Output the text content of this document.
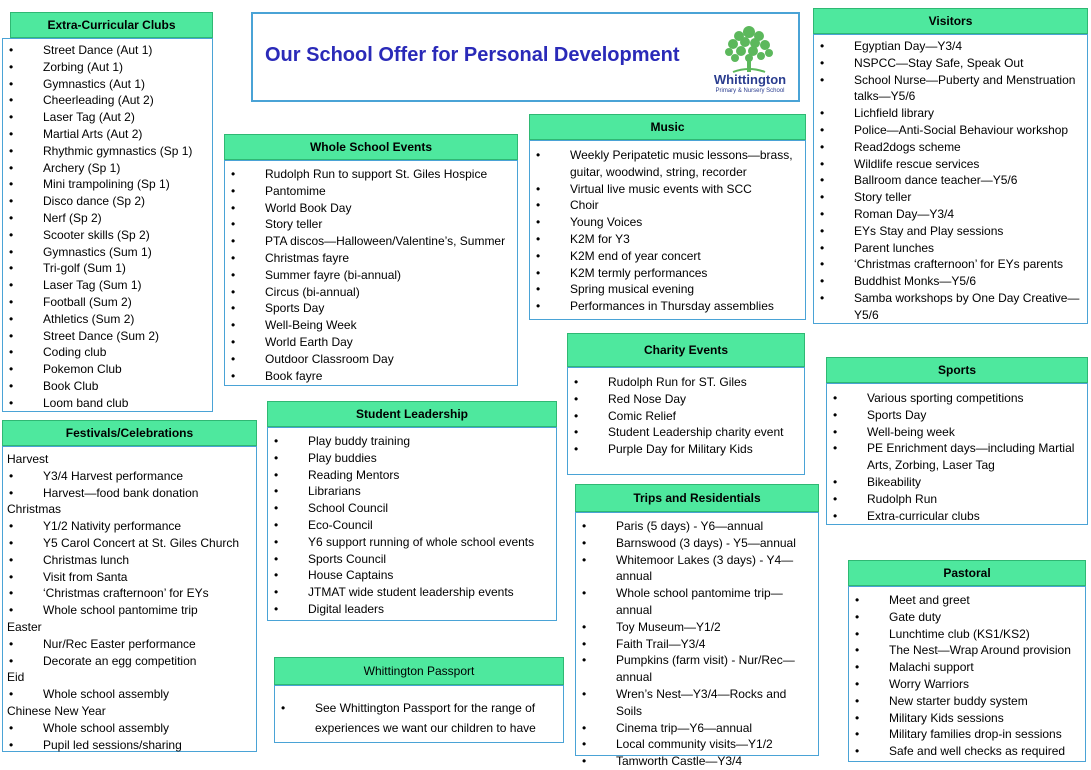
Our School Offer for Personal Development
Whittington
Primary & Nursery School
Extra-Curricular Clubs
• Street Dance (Aut 1)
• Zorbing (Aut 1)
• Gymnastics (Aut 1)
• Cheerleading (Aut 2)
• Laser Tag (Aut 2)
• Martial Arts (Aut 2)
• Rhythmic gymnastics (Sp 1)
• Archery (Sp 1)
• Mini trampolining (Sp 1)
• Disco dance (Sp 2)
• Nerf (Sp 2)
• Scooter skills (Sp 2)
• Gymnastics (Sum 1)
• Tri-golf (Sum 1)
• Laser Tag (Sum 1)
• Football (Sum 2)
• Athletics (Sum 2)
• Street Dance (Sum 2)
• Coding club
• Pokemon Club
• Book Club
• Loom band club
Whole School Events
• Rudolph Run to support St. Giles Hospice
• Pantomime
• World Book Day
• Story teller
• PTA discos—Halloween/Valentine’s, Summer
• Christmas fayre
• Summer fayre (bi-annual)
• Circus (bi-annual)
• Sports Day
• Well-Being Week
• World Earth Day
• Outdoor Classroom Day
• Book fayre
Music
• Weekly Peripatetic music lessons—brass, guitar, woodwind, string, recorder
• Virtual live music events with SCC
• Choir
• Young Voices
• K2M for Y3
• K2M end of year concert
• K2M termly performances
• Spring musical evening
• Performances in Thursday assemblies
Visitors
• Egyptian Day—Y3/4
• NSPCC—Stay Safe, Speak Out
• School Nurse—Puberty and Menstruation talks—Y5/6
• Lichfield library
• Police—Anti-Social Behaviour workshop
• Read2dogs scheme
• Wildlife rescue services
• Ballroom dance teacher—Y5/6
• Story teller
• Roman Day—Y3/4
• EYs Stay and Play sessions
• Parent lunches
• ‘Christmas crafternoon’ for EYs parents
• Buddhist Monks—Y5/6
• Samba workshops by One Day Creative—Y5/6
Charity Events
• Rudolph Run for ST. Giles
• Red Nose Day
• Comic Relief
• Student Leadership charity event
• Purple Day for Military Kids
Sports
• Various sporting competitions
• Sports Day
• Well-being week
• PE Enrichment days—including Martial Arts, Zorbing, Laser Tag
• Bikeability
• Rudolph Run
• Extra-curricular clubs
Student Leadership
• Play buddy training
• Play buddies
• Reading Mentors
• Librarians
• School Council
• Eco-Council
• Y6 support running of whole school events
• Sports Council
• House Captains
• JTMAT wide student leadership events
• Digital leaders
Festivals/Celebrations
Harvest
• Y3/4 Harvest performance
• Harvest—food bank donation
Christmas
• Y1/2 Nativity performance
• Y5 Carol Concert at St. Giles Church
• Christmas lunch
• Visit from Santa
• ‘Christmas crafternoon’ for EYs
• Whole school pantomime trip
Easter
• Nur/Rec Easter performance
• Decorate an egg competition
Eid
• Whole school assembly
Chinese New Year
• Whole school assembly
• Pupil led sessions/sharing
Trips and Residentials
• Paris (5 days) - Y6—annual
• Barnswood (3 days) - Y5—annual
• Whitemoor Lakes (3 days) - Y4—annual
• Whole school pantomime trip—annual
• Toy Museum—Y1/2
• Faith Trail—Y3/4
• Pumpkins (farm visit) - Nur/Rec—annual
• Wren’s Nest—Y3/4—Rocks and Soils
• Cinema trip—Y6—annual
• Local community visits—Y1/2
• Tamworth Castle—Y3/4
Whittington Passport
• See Whittington Passport for the range of experiences we want our children to have
Pastoral
• Meet and greet
• Gate duty
• Lunchtime club (KS1/KS2)
• The Nest—Wrap Around provision
• Malachi support
• Worry Warriors
• New starter buddy system
• Military Kids sessions
• Military families drop-in sessions
• Safe and well checks as required
